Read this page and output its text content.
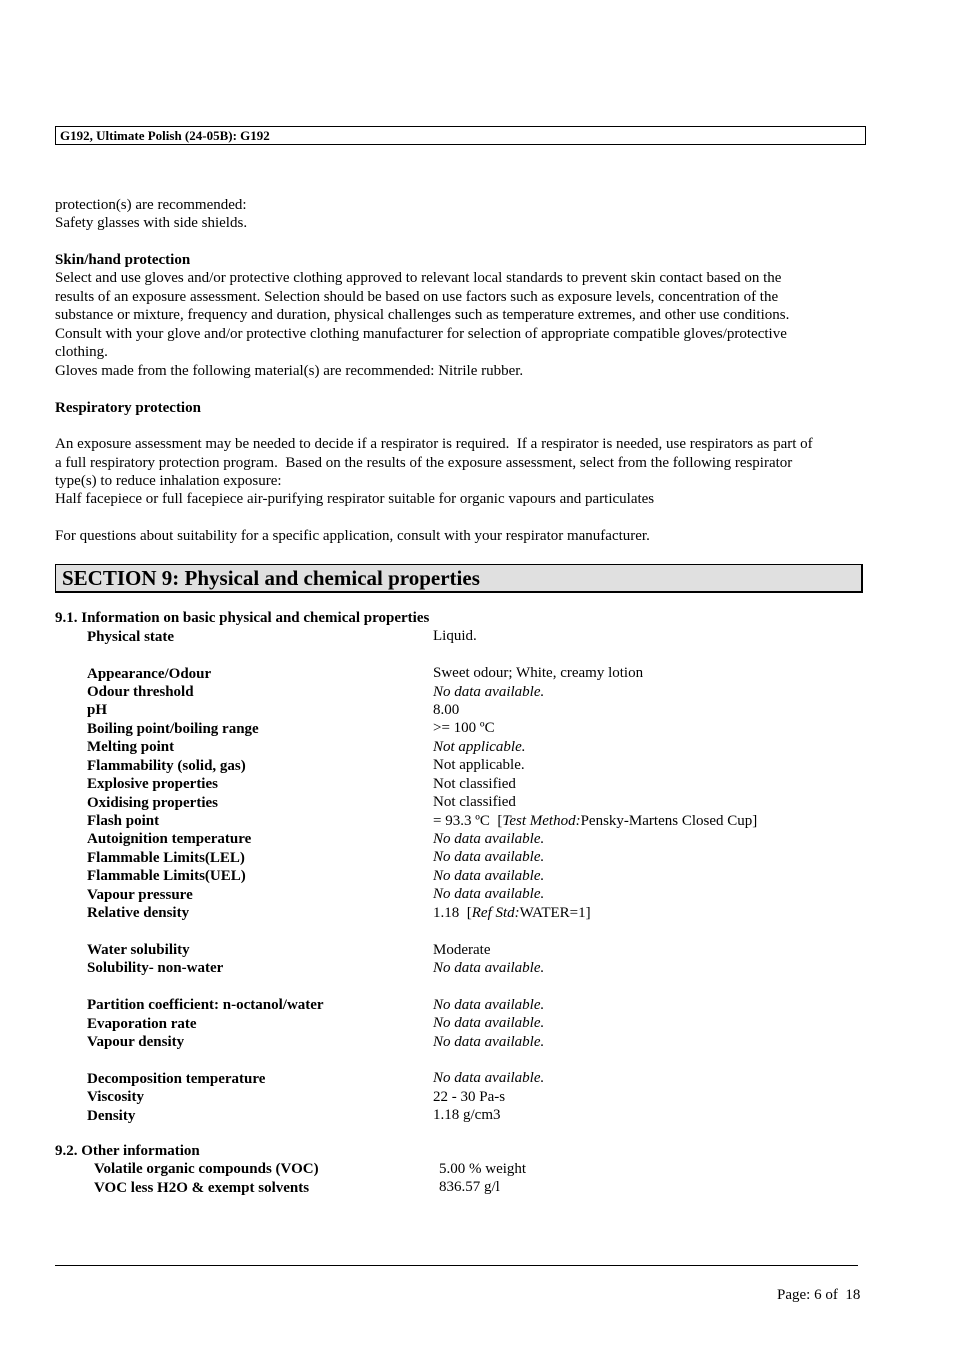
G192, Ultimate Polish (24-05B): G192
protection(s) are recommended:
Safety glasses with side shields.
Skin/hand protection
Select and use gloves and/or protective clothing approved to relevant local standards to prevent skin contact based on the
results of an exposure assessment. Selection should be based on use factors such as exposure levels, concentration of the
substance or mixture, frequency and duration, physical challenges such as temperature extremes, and other use conditions.
Consult with your glove and/or protective clothing manufacturer for selection of appropriate compatible gloves/protective
clothing.
Gloves made from the following material(s) are recommended: Nitrile rubber.
Respiratory protection
An exposure assessment may be needed to decide if a respirator is required.  If a respirator is needed, use respirators as part of
a full respiratory protection program.  Based on the results of the exposure assessment, select from the following respirator
type(s) to reduce inhalation exposure:
Half facepiece or full facepiece air-purifying respirator suitable for organic vapours and particulates
For questions about suitability for a specific application, consult with your respirator manufacturer.
SECTION 9: Physical and chemical properties
9.1. Information on basic physical and chemical properties
Physical state	Liquid.
Appearance/Odour	Sweet odour; White, creamy lotion
Odour threshold	No data available.
pH	8.00
Boiling point/boiling range	>= 100 ºC
Melting point	Not applicable.
Flammability (solid, gas)	Not applicable.
Explosive properties	Not classified
Oxidising properties	Not classified
Flash point	= 93.3 ºC  [Test Method:Pensky-Martens Closed Cup]
Autoignition temperature	No data available.
Flammable Limits(LEL)	No data available.
Flammable Limits(UEL)	No data available.
Vapour pressure	No data available.
Relative density	1.18  [Ref Std:WATER=1]
Water solubility	Moderate
Solubility- non-water	No data available.
Partition coefficient: n-octanol/water	No data available.
Evaporation rate	No data available.
Vapour density	No data available.
Decomposition temperature	No data available.
Viscosity	22 - 30 Pa-s
Density	1.18 g/cm3
9.2. Other information
Volatile organic compounds (VOC)	5.00 % weight
VOC less H2O & exempt solvents	836.57 g/l
Page: 6 of  18
